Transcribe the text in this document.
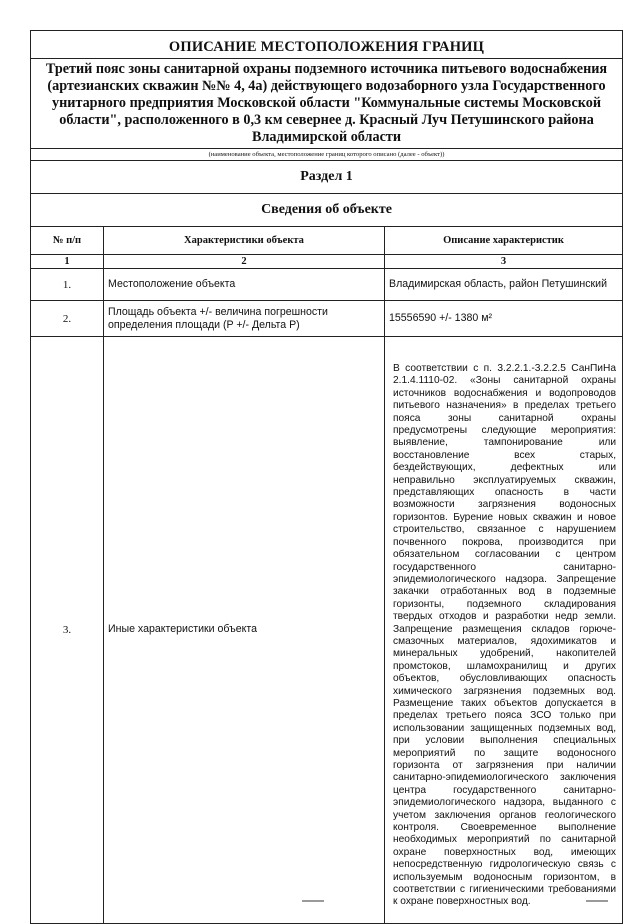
ОПИСАНИЕ МЕСТОПОЛОЖЕНИЯ ГРАНИЦ		
Третий пояс зоны санитарной охраны подземного источника питьевого водоснабжения (артезианских скважин №№ 4, 4а) действующего водозаборного узла Государственного унитарного предприятия Московской области "Коммунальные системы Московской области", расположенного в 0,3 км севернее д. Красный Луч Петушинского района Владимирской области		
(наименование объекта, местоположение границ которого описано (далее - объект))		
Раздел 1		
Сведения об объекте		
№ п/п	Характеристики объекта	Описание характеристик
1	2	3
1.	Местоположение объекта	Владимирская область, район Петушинский
2.	Площадь объекта +/- величина погрешности определения площади (P +/- Дельта P)	15556590 +/- 1380 м²
3.	Иные характеристики объекта	В соответствии с п. 3.2.2.1.-3.2.2.5 СанПиНа 2.1.4.1110-02. «Зоны санитарной охраны источников водоснабжения и водопроводов питьевого назначения» в пределах третьего пояса зоны санитарной охраны предусмотрены следующие мероприятия: выявление, тампонирование или восстановление всех старых, бездействующих, дефектных или неправильно эксплуатируемых скважин, представляющих опасность в части возможности загрязнения водоносных горизонтов. Бурение новых скважин и новое строительство, связанное с нарушением почвенного покрова, производится при обязательном согласовании с центром государственного санитарно-эпидемиологического надзора. Запрещение закачки отработанных вод в подземные горизонты, подземного складирования твердых отходов и разработки недр земли. Запрещение размещения складов горюче-смазочных материалов, ядохимикатов и минеральных удобрений, накопителей промстоков, шламохранилищ и других объектов, обусловливающих опасность химического загрязнения подземных вод. Размещение таких объектов допускается в пределах третьего пояса ЗСО только при использовании защищенных подземных вод, при условии выполнения специальных мероприятий по защите водоносного горизонта от загрязнения при наличии санитарно-эпидемиологического заключения центра государственного санитарно-эпидемиологического надзора, выданного с учетом заключения органов геологического контроля. Своевременное выполнение необходимых мероприятий по санитарной охране поверхностных вод, имеющих непосредственную гидрологическую связь с используемым водоносным горизонтом, в соответствии с гигиеническими требованиями к охране поверхностных вод.
